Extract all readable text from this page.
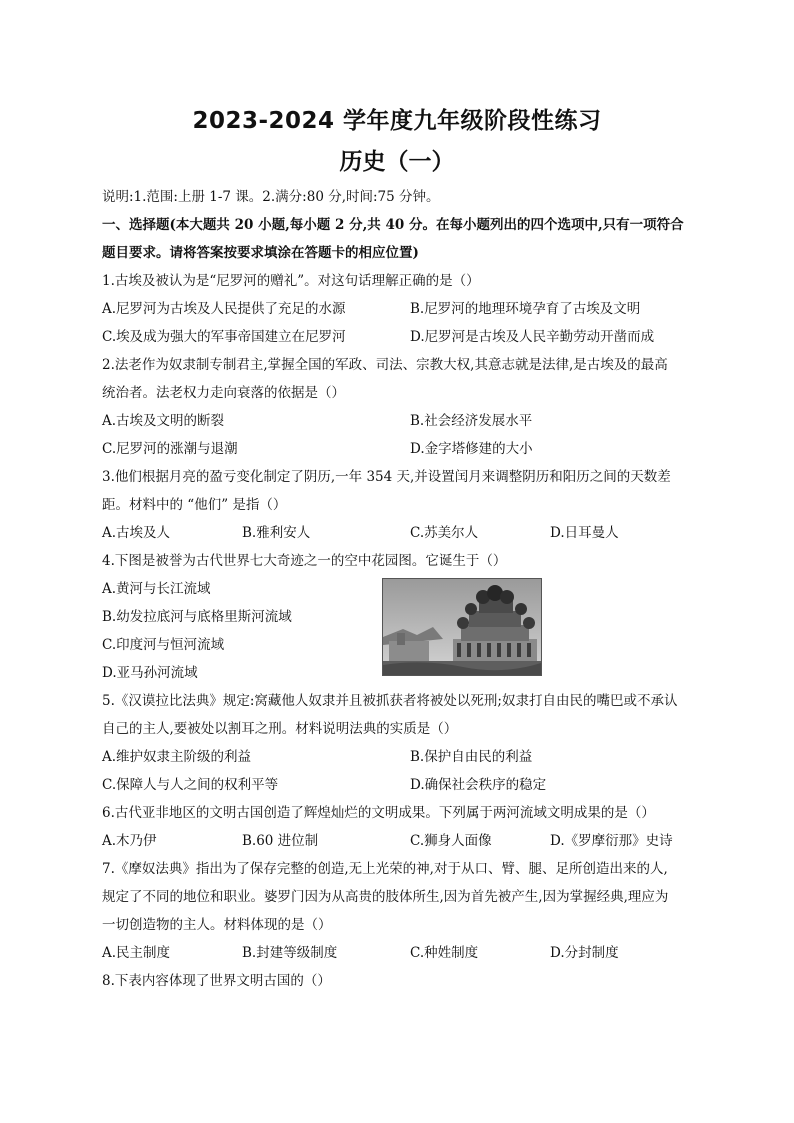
2023-2024 学年度九年级阶段性练习
历史（一）
说明:1.范围:上册 1-7 课。2.满分:80 分,时间:75 分钟。
一、选择题(本大题共 20 小题,每小题 2 分,共 40 分。在每小题列出的四个选项中,只有一项符合
题目要求。请将答案按要求填涂在答题卡的相应位置)
1.古埃及被认为是“尼罗河的赠礼”。对这句话理解正确的是（）
A.尼罗河为古埃及人民提供了充足的水源	B.尼罗河的地理环境孕育了古埃及文明
C.埃及成为强大的军事帝国建立在尼罗河	D.尼罗河是古埃及人民辛勤劳动开凿而成
2.法老作为奴隶制专制君主,掌握全国的军政、司法、宗教大权,其意志就是法律,是古埃及的最高
统治者。法老权力走向衰落的依据是（）
A.古埃及文明的断裂	B.社会经济发展水平
C.尼罗河的涨潮与退潮	D.金字塔修建的大小
3.他们根据月亮的盈亏变化制定了阴历,一年 354 天,并设置闰月来调整阴历和阳历之间的天数差
距。材料中的 “他们” 是指（）
A.古埃及人	B.雅利安人	C.苏美尔人	D.日耳曼人
4.下图是被誉为古代世界七大奇迹之一的空中花园图。它诞生于（）
A.黄河与长江流域
B.幼发拉底河与底格里斯河流域
C.印度河与恒河流域
D.亚马孙河流域
5.《汉谟拉比法典》规定:窝藏他人奴隶并且被抓获者将被处以死刑;奴隶打自由民的嘴巴或不承认
自己的主人,要被处以割耳之刑。材料说明法典的实质是（）
A.维护奴隶主阶级的利益	B.保护自由民的利益
C.保障人与人之间的权利平等	D.确保社会秩序的稳定
6.古代亚非地区的文明古国创造了辉煌灿烂的文明成果。下列属于两河流域文明成果的是（）
A.木乃伊	B.60 进位制	C.狮身人面像	D.《罗摩衍那》史诗
7.《摩奴法典》指出为了保存完整的创造,无上光荣的神,对于从口、臂、腿、足所创造出来的人,
规定了不同的地位和职业。婆罗门因为从高贵的肢体所生,因为首先被产生,因为掌握经典,理应为
一切创造物的主人。材料体现的是（）
A.民主制度	B.封建等级制度	C.种姓制度	D.分封制度
8.下表内容体现了世界文明古国的（）
